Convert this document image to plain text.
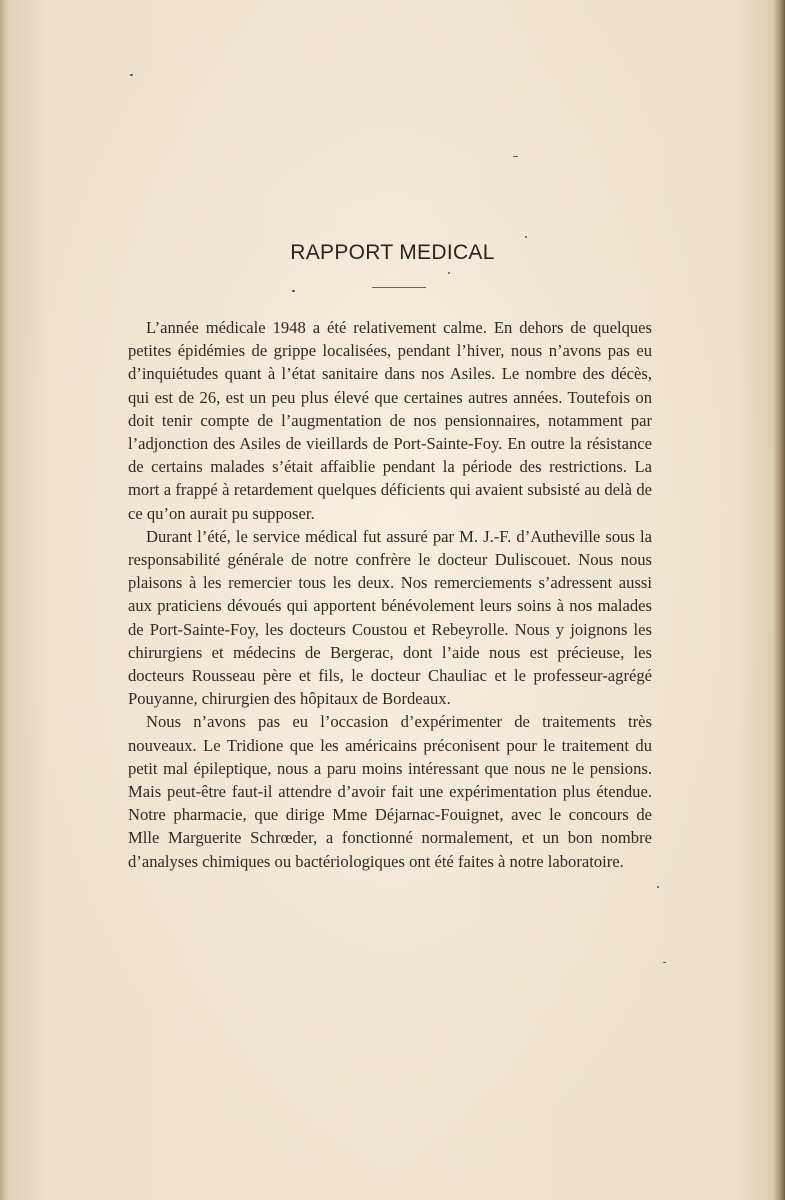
RAPPORT MEDICAL

L’année médicale 1948 a été relativement calme. En dehors de quelques petites épidémies de grippe localisées, pendant l’hiver, nous n’avons pas eu d’inquiétudes quant à l’état sanitaire dans nos Asiles. Le nombre des décès, qui est de 26, est un peu plus élevé que certaines autres années. Toutefois on doit tenir compte de l’augmentation de nos pensionnaires, notamment par l’adjonction des Asiles de vieillards de Port-Sainte-Foy. En outre la résistance de certains malades s’était affaiblie pendant la période des restrictions. La mort a frappé à retardement quelques déficients qui avaient subsisté au delà de ce qu’on aurait pu supposer.

Durant l’été, le service médical fut assuré par M. J.-F. d’Autheville sous la responsabilité générale de notre confrère le docteur Duliscouet. Nous nous plaisons à les remercier tous les deux. Nos remerciements s’adressent aussi aux praticiens dévoués qui apportent bénévolement leurs soins à nos malades de Port-Sainte-Foy, les docteurs Coustou et Rebeyrolle. Nous y joignons les chirurgiens et médecins de Bergerac, dont l’aide nous est précieuse, les docteurs Rousseau père et fils, le docteur Chauliac et le professeur-agrégé Pouyanne, chirurgien des hôpitaux de Bordeaux.

Nous n’avons pas eu l’occasion d’expérimenter de traitements très nouveaux. Le Tridione que les américains préconisent pour le traitement du petit mal épileptique, nous a paru moins intéressant que nous ne le pensions. Mais peut-être faut-il attendre d’avoir fait une expérimentation plus étendue. Notre pharmacie, que dirige Mme Déjarnac-Fouignet, avec le concours de Mlle Marguerite Schrœder, a fonctionné normalement, et un bon nombre d’analyses chimiques ou bactériologiques ont été faites à notre laboratoire.
